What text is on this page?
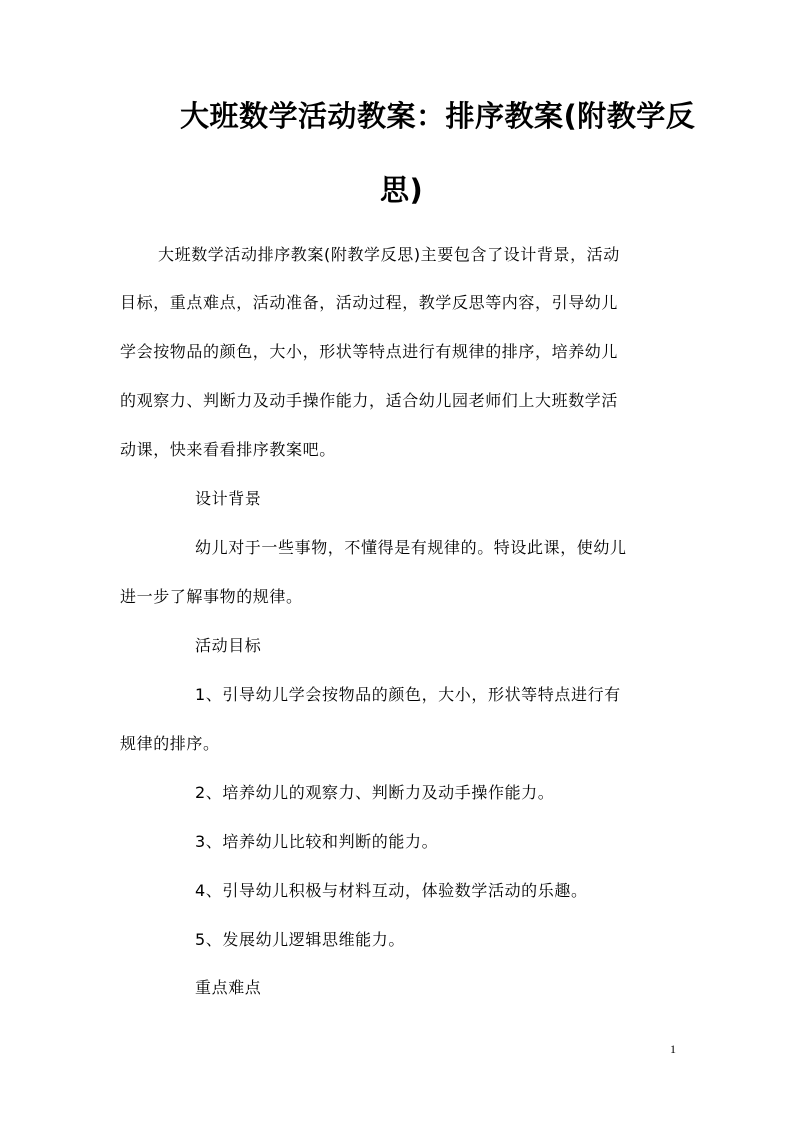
大班数学活动教案：排序教案(附教学反
思)
大班数学活动排序教案(附教学反思)主要包含了设计背景，活动
目标，重点难点，活动准备，活动过程，教学反思等内容，引导幼儿
学会按物品的颜色，大小，形状等特点进行有规律的排序，培养幼儿
的观察力、判断力及动手操作能力，适合幼儿园老师们上大班数学活
动课，快来看看排序教案吧。
设计背景
幼儿对于一些事物，不懂得是有规律的。特设此课，使幼儿
进一步了解事物的规律。
活动目标
1、引导幼儿学会按物品的颜色，大小，形状等特点进行有
规律的排序。
2、培养幼儿的观察力、判断力及动手操作能力。
3、培养幼儿比较和判断的能力。
4、引导幼儿积极与材料互动，体验数学活动的乐趣。
5、发展幼儿逻辑思维能力。
重点难点
1
